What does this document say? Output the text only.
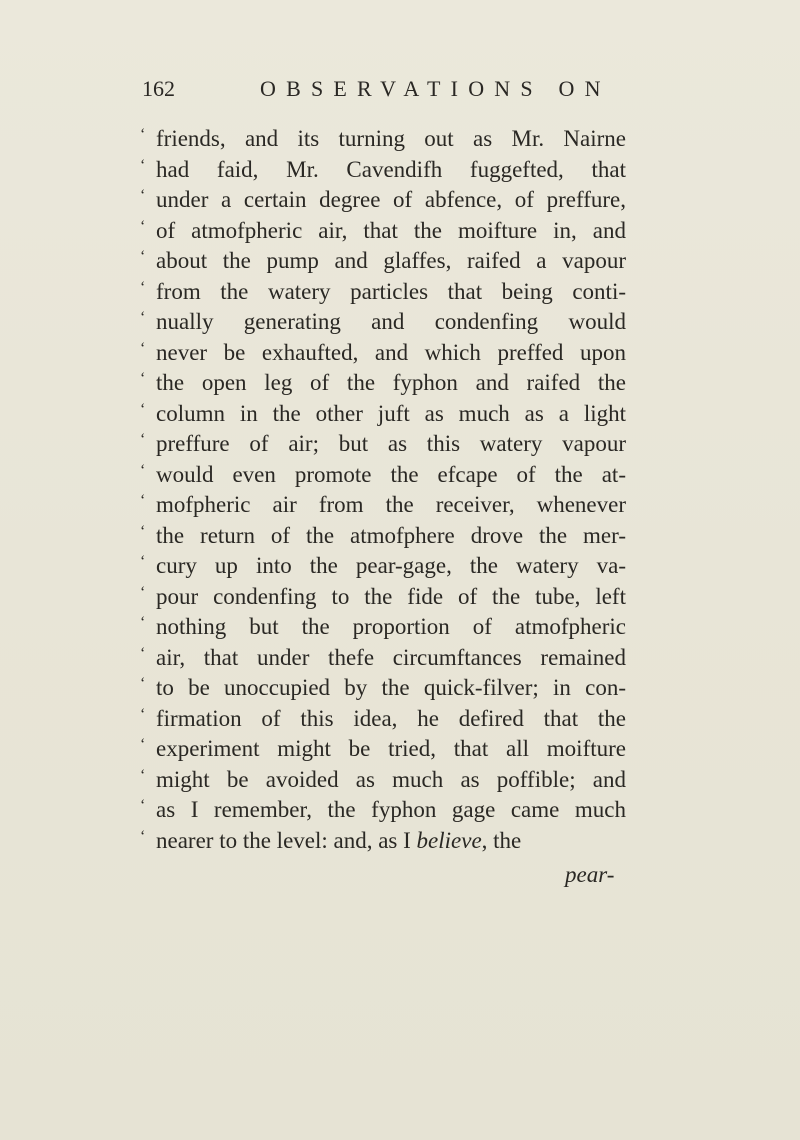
162	OBSERVATIONS ON
‘ friends, and its turning out as Mr. Nairne
‘ had faid, Mr. Cavendifh fuggefted, that
‘ under a certain degree of abfence, of preffure,
‘ of atmofpheric air, that the moifture in, and
‘ about the pump and glaffes, raifed a vapour
‘ from the watery particles that being conti-
‘ nually generating and condenfing would
‘ never be exhaufted, and which preffed upon
‘ the open leg of the fyphon and raifed the
‘ column in the other juft as much as a light
‘ preffure of air; but as this watery vapour
‘ would even promote the efcape of the at-
‘ mofpheric air from the receiver, whenever
‘ the return of the atmofphere drove the mer-
‘ cury up into the pear-gage, the watery va-
‘ pour condenfing to the fide of the tube, left
‘ nothing but the proportion of atmofpheric
‘ air, that under thefe circumftances remained
‘ to be unoccupied by the quick-filver; in con-
‘ firmation of this idea, he defired that the
‘ experiment might be tried, that all moifture
‘ might be avoided as much as poffible; and
‘ as I remember, the fyphon gage came much
‘ nearer to the level: and, as I believe, the
pear-
